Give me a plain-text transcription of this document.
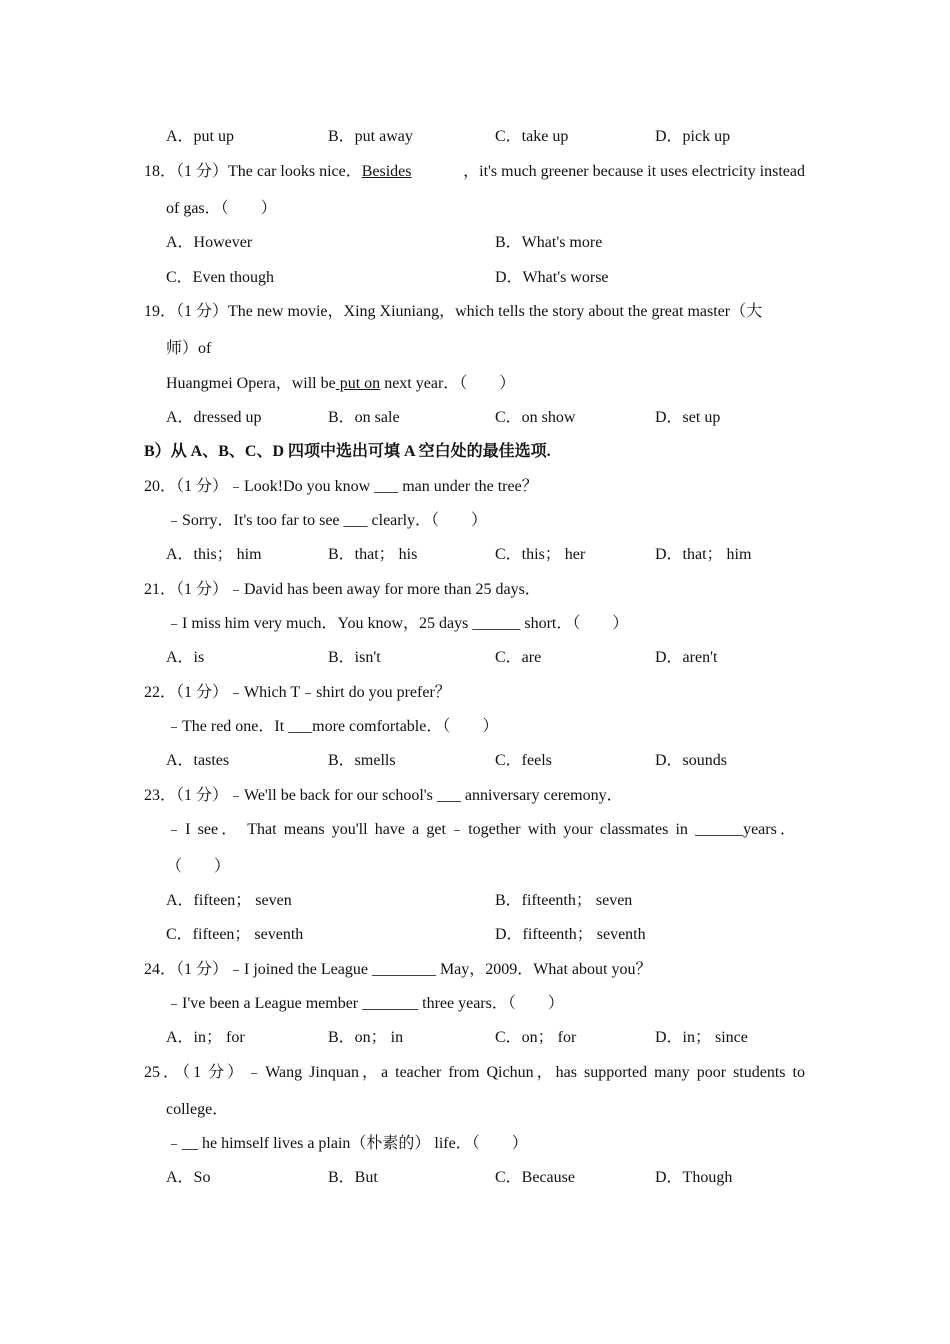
A．put up	B．put away	C．take up	D．pick up
18．（1 分）The car looks nice．Besides	，it's much greener because it uses electricity instead
of gas．（　　）
A．However	B．What's more
C．Even though	D．What's worse
19．（1 分）The new movie，Xing Xiuniang，which tells the story about the great master（大
师）of
Huangmei Opera，will be put on next year．（　　）
A．dressed up	B．on sale	C．on show	D．set up
B）从 A、B、C、D 四项中选出可填 A 空白处的最佳选项.
20．（1 分）﹣Look!Do you know ___ man under the tree？
﹣Sorry．It's too far to see ___ clearly．（　　）
A．this； him	B．that； his	C．this； her	D．that； him
21．（1 分）﹣David has been away for more than 25 days．
﹣I miss him very much．You know，25 days ______ short．（　　）
A．is	B．isn't	C．are	D．aren't
22．（1 分）﹣Which T﹣shirt do you prefer？
﹣The red one．It ___more comfortable．（　　）
A．tastes	B．smells	C．feels	D．sounds
23．（1 分）﹣We'll be back for our school's ___ anniversary ceremony．
﹣I see． That means you'll have a get﹣together with your classmates in ______years．
（　　）
A．fifteen； seven	B．fifteenth； seven
C．fifteen； seventh	D．fifteenth； seventh
24．（1 分）﹣I joined the League ________ May，2009．What about you？
﹣I've been a League member _______ three years．（　　）
A．in； for	B．on； in	C．on； for	D．in； since
25．（1 分）﹣Wang Jinquan，a teacher from Qichun，has supported many poor students to
college．
﹣__ he himself lives a plain（朴素的） life．（　　）
A．So	B．But	C．Because	D．Though
